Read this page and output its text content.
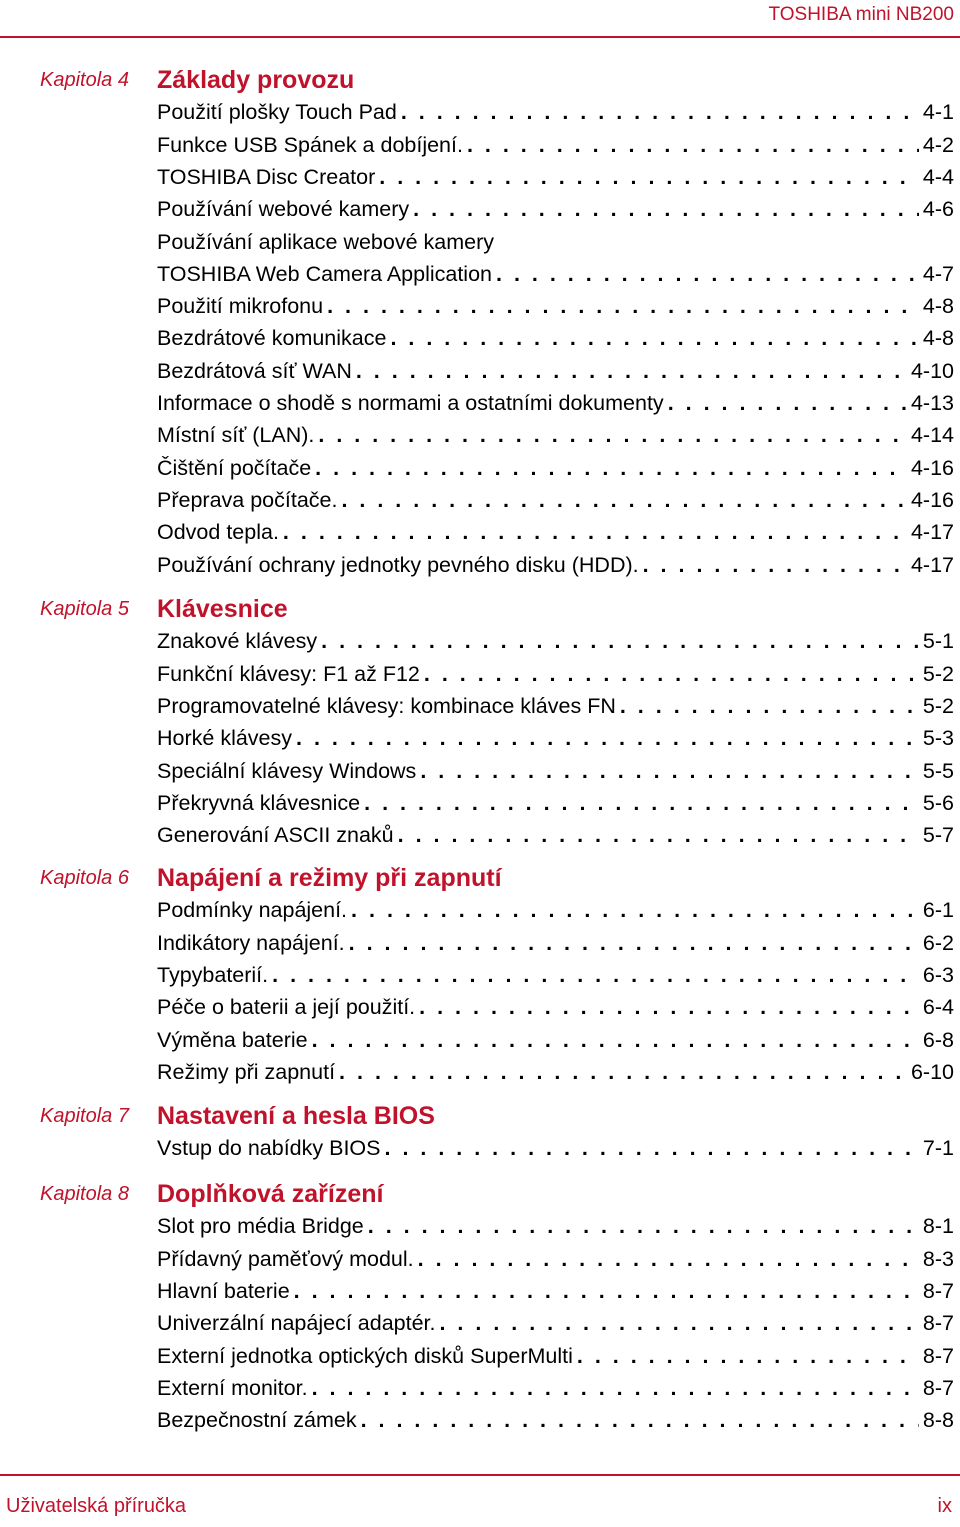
TOSHIBA mini NB200
Kapitola 4 Základy provozu
Použití plošky Touch Pad . . .	4-1
Funkce USB Spánek a dobíjení. . . .	4-2
TOSHIBA Disc Creator . . .	4-4
Používání webové kamery . . .	4-6
Používání aplikace webové kamery
TOSHIBA Web Camera Application . . .	4-7
Použití mikrofonu . . .	4-8
Bezdrátové komunikace . . .	4-8
Bezdrátová síť WAN . . .	4-10
Informace o shodě s normami a ostatními dokumenty . . .	4-13
Místní síť (LAN). . . .	4-14
Čištění počítače . . .	4-16
Přeprava počítače. . . .	4-16
Odvod tepla. . . .	4-17
Používání ochrany jednotky pevného disku (HDD). . . .	4-17
Kapitola 5 Klávesnice
Znakové klávesy . . .	5-1
Funkční klávesy: F1 až F12 . . .	5-2
Programovatelné klávesy: kombinace kláves FN . . .	5-2
Horké klávesy . . .	5-3
Speciální klávesy Windows . . .	5-5
Překryvná klávesnice . . .	5-6
Generování ASCII znaků . . .	5-7
Kapitola 6 Napájení a režimy při zapnutí
Podmínky napájení. . . .	6-1
Indikátory napájení. . . .	6-2
Typybaterií. . . .	6-3
Péče o baterii a její použití. . . .	6-4
Výměna baterie . . .	6-8
Režimy při zapnutí . . .	6-10
Kapitola 7 Nastavení a hesla BIOS
Vstup do nabídky BIOS . . .	7-1
Kapitola 8 Doplňková zařízení
Slot pro média Bridge . . .	8-1
Přídavný paměťový modul. . . .	8-3
Hlavní baterie . . .	8-7
Univerzální napájecí adaptér. . . .	8-7
Externí jednotka optických disků SuperMulti . . .	8-7
Externí monitor. . . .	8-7
Bezpečnostní zámek . . .	8-8
Uživatelská příručka	ix
